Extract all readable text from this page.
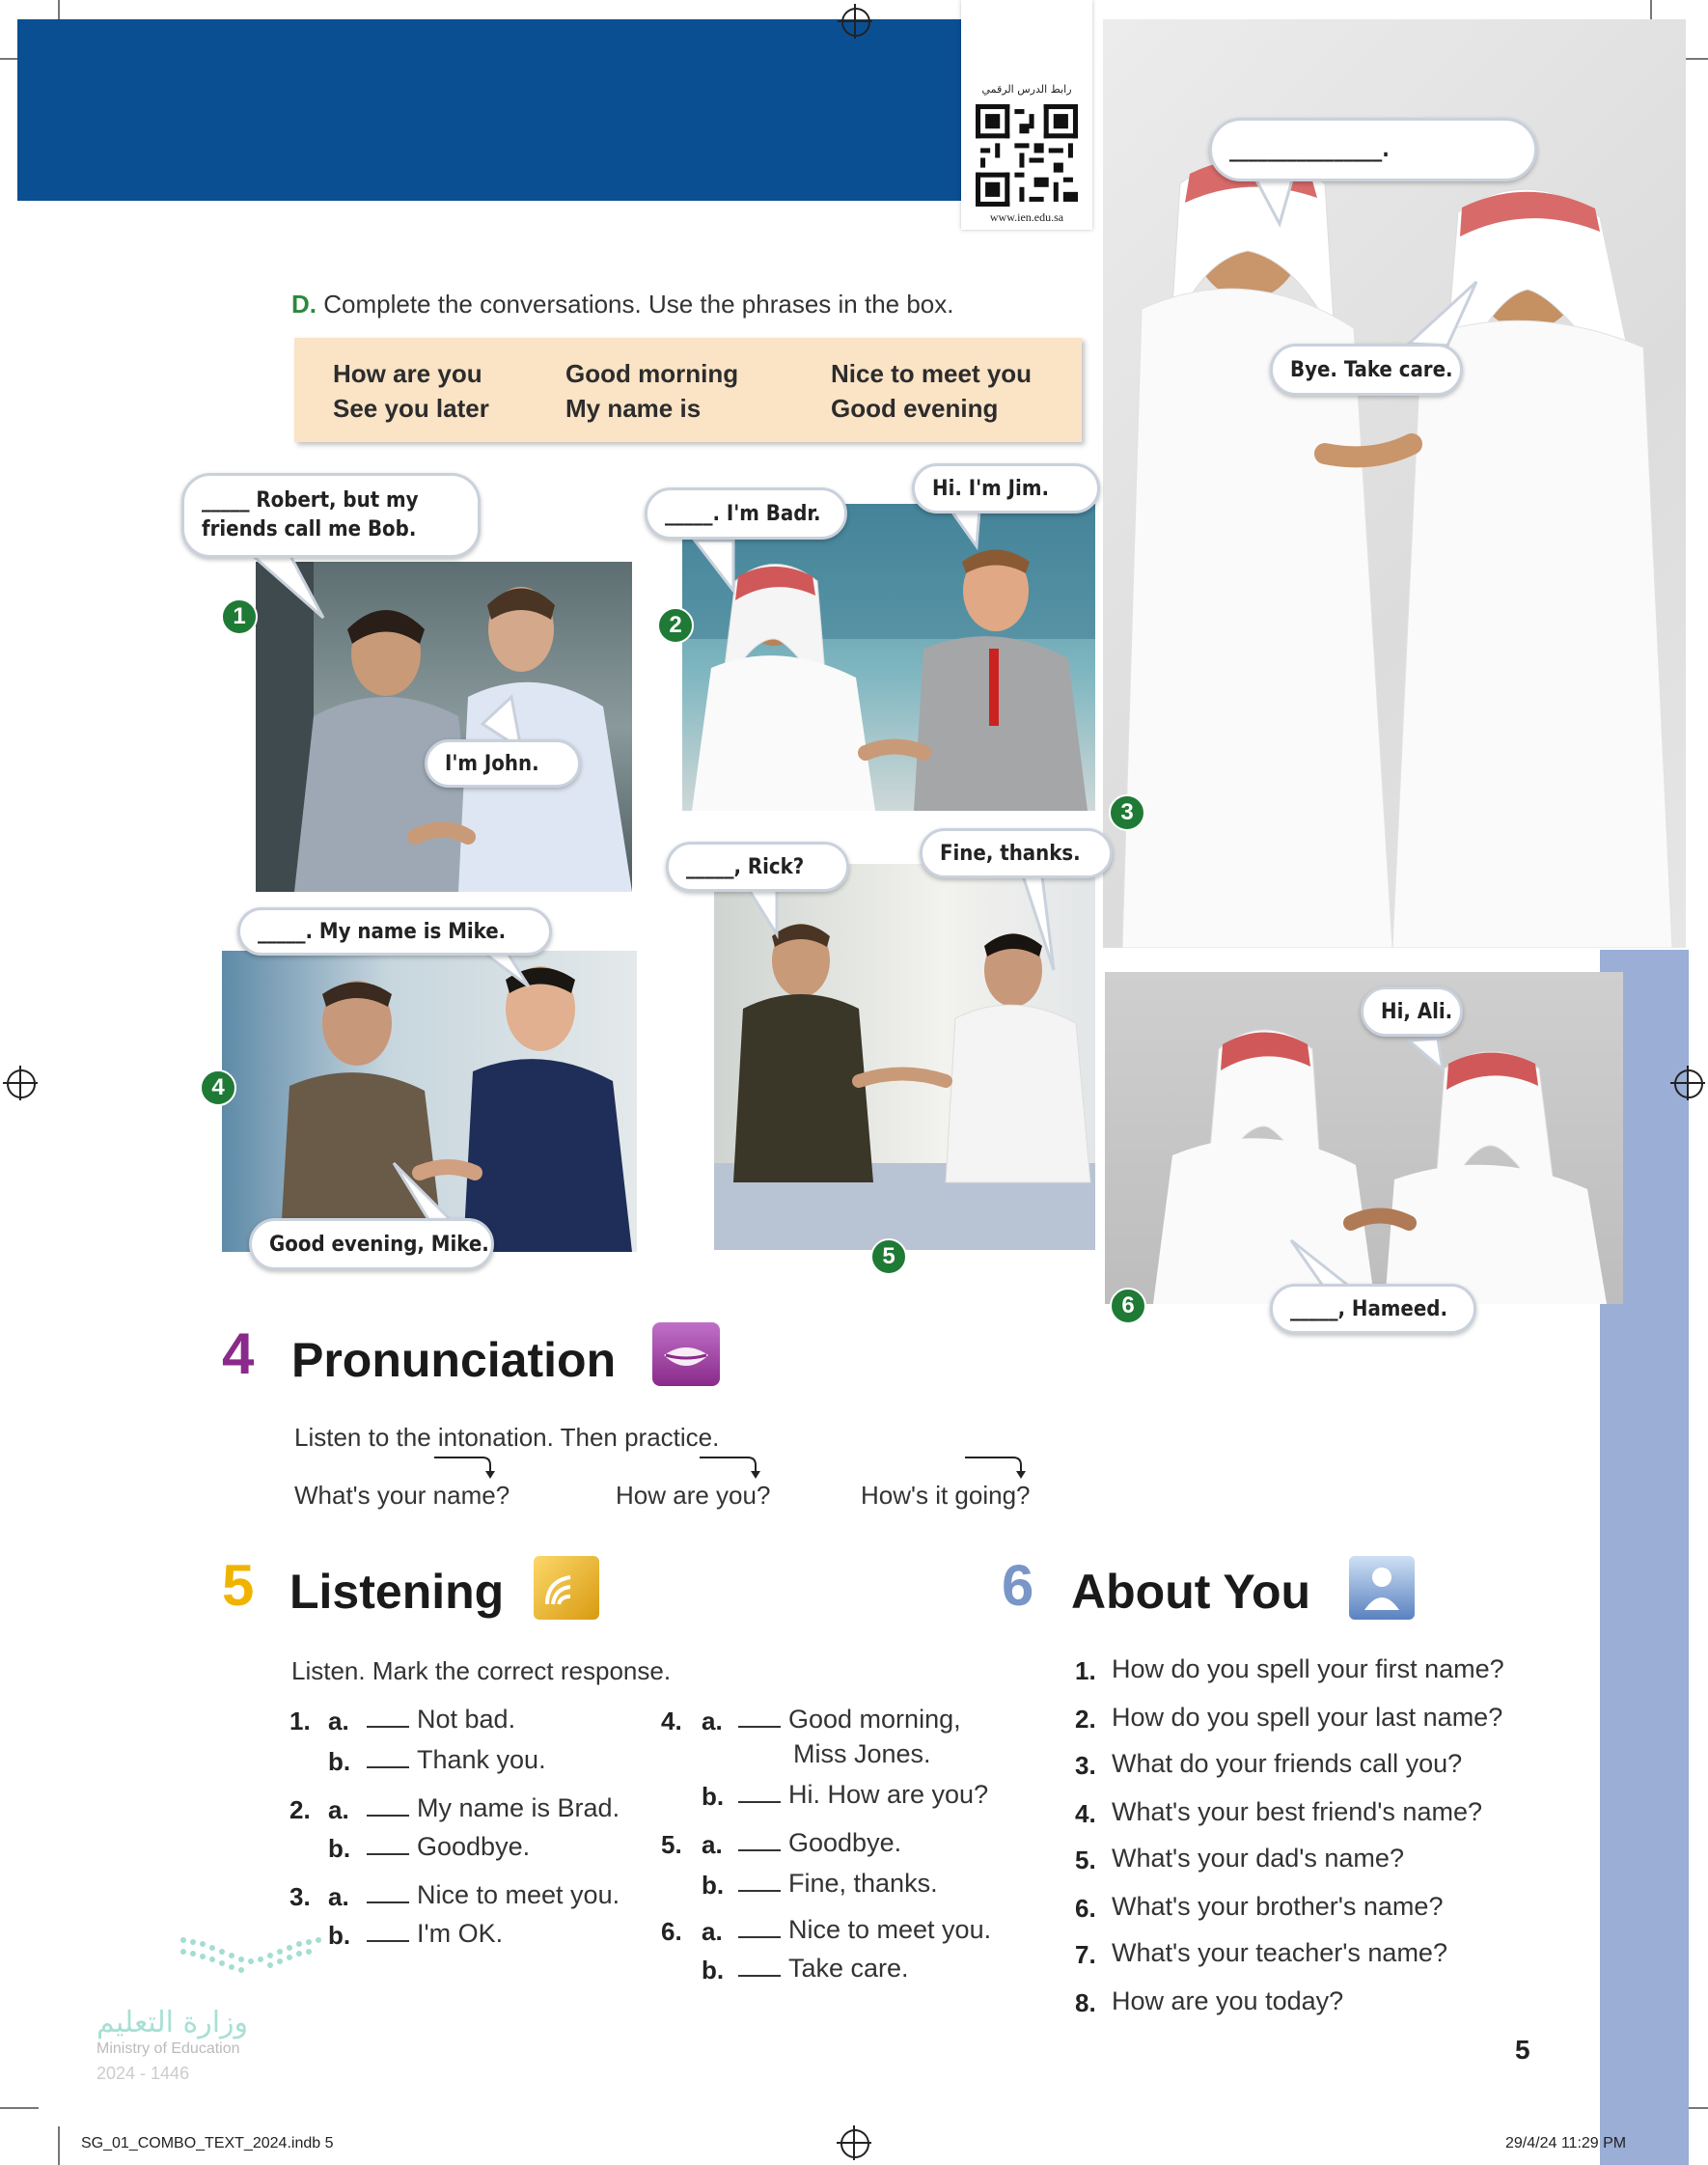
رابط الدرس الرقمي
www.ien.edu.sa
D. Complete the conversations. Use the phrases in the box.
How are you
See you later
Good morning
My name is
Nice to meet you
Good evening
_____ Robert, but my friends call me Bob.
I'm John.
_____ . I'm Badr.
Hi. I'm Jim.
________________.
Bye. Take care.
_____ . My name is Mike.
Good evening, Mike.
_____ , Rick?
Fine, thanks.
Hi, Ali.
_____ , Hameed.
1	2
3
4
5
6
4 Pronunciation
Listen to the intonation. Then practice.
What's your name?	How are you?	How's it going?
5 Listening
Listen. Mark the correct response.
1. a.	Not bad.
b.	Thank you.
2. a.	My name is Brad.
b.	Goodbye.
3. a.	Nice to meet you.
b.	I'm OK.
4. a.	Good morning,
Miss Jones.
b.	Hi. How are you?
5. a.	Goodbye.
b.	Fine, thanks.
6. a.	Nice to meet you.
b.	Take care.
6 About You
1. How do you spell your first name?
2. How do you spell your last name?
3. What do your friends call you?
4. What's your best friend's name?
5. What's your dad's name?
6. What's your brother's name?
7. What's your teacher's name?
8. How are you today?
وزارة التعليم
Ministry of Education
2024 - 1446
5
SG_01_COMBO_TEXT_2024.indb 5	29/4/24 11:29 PM
